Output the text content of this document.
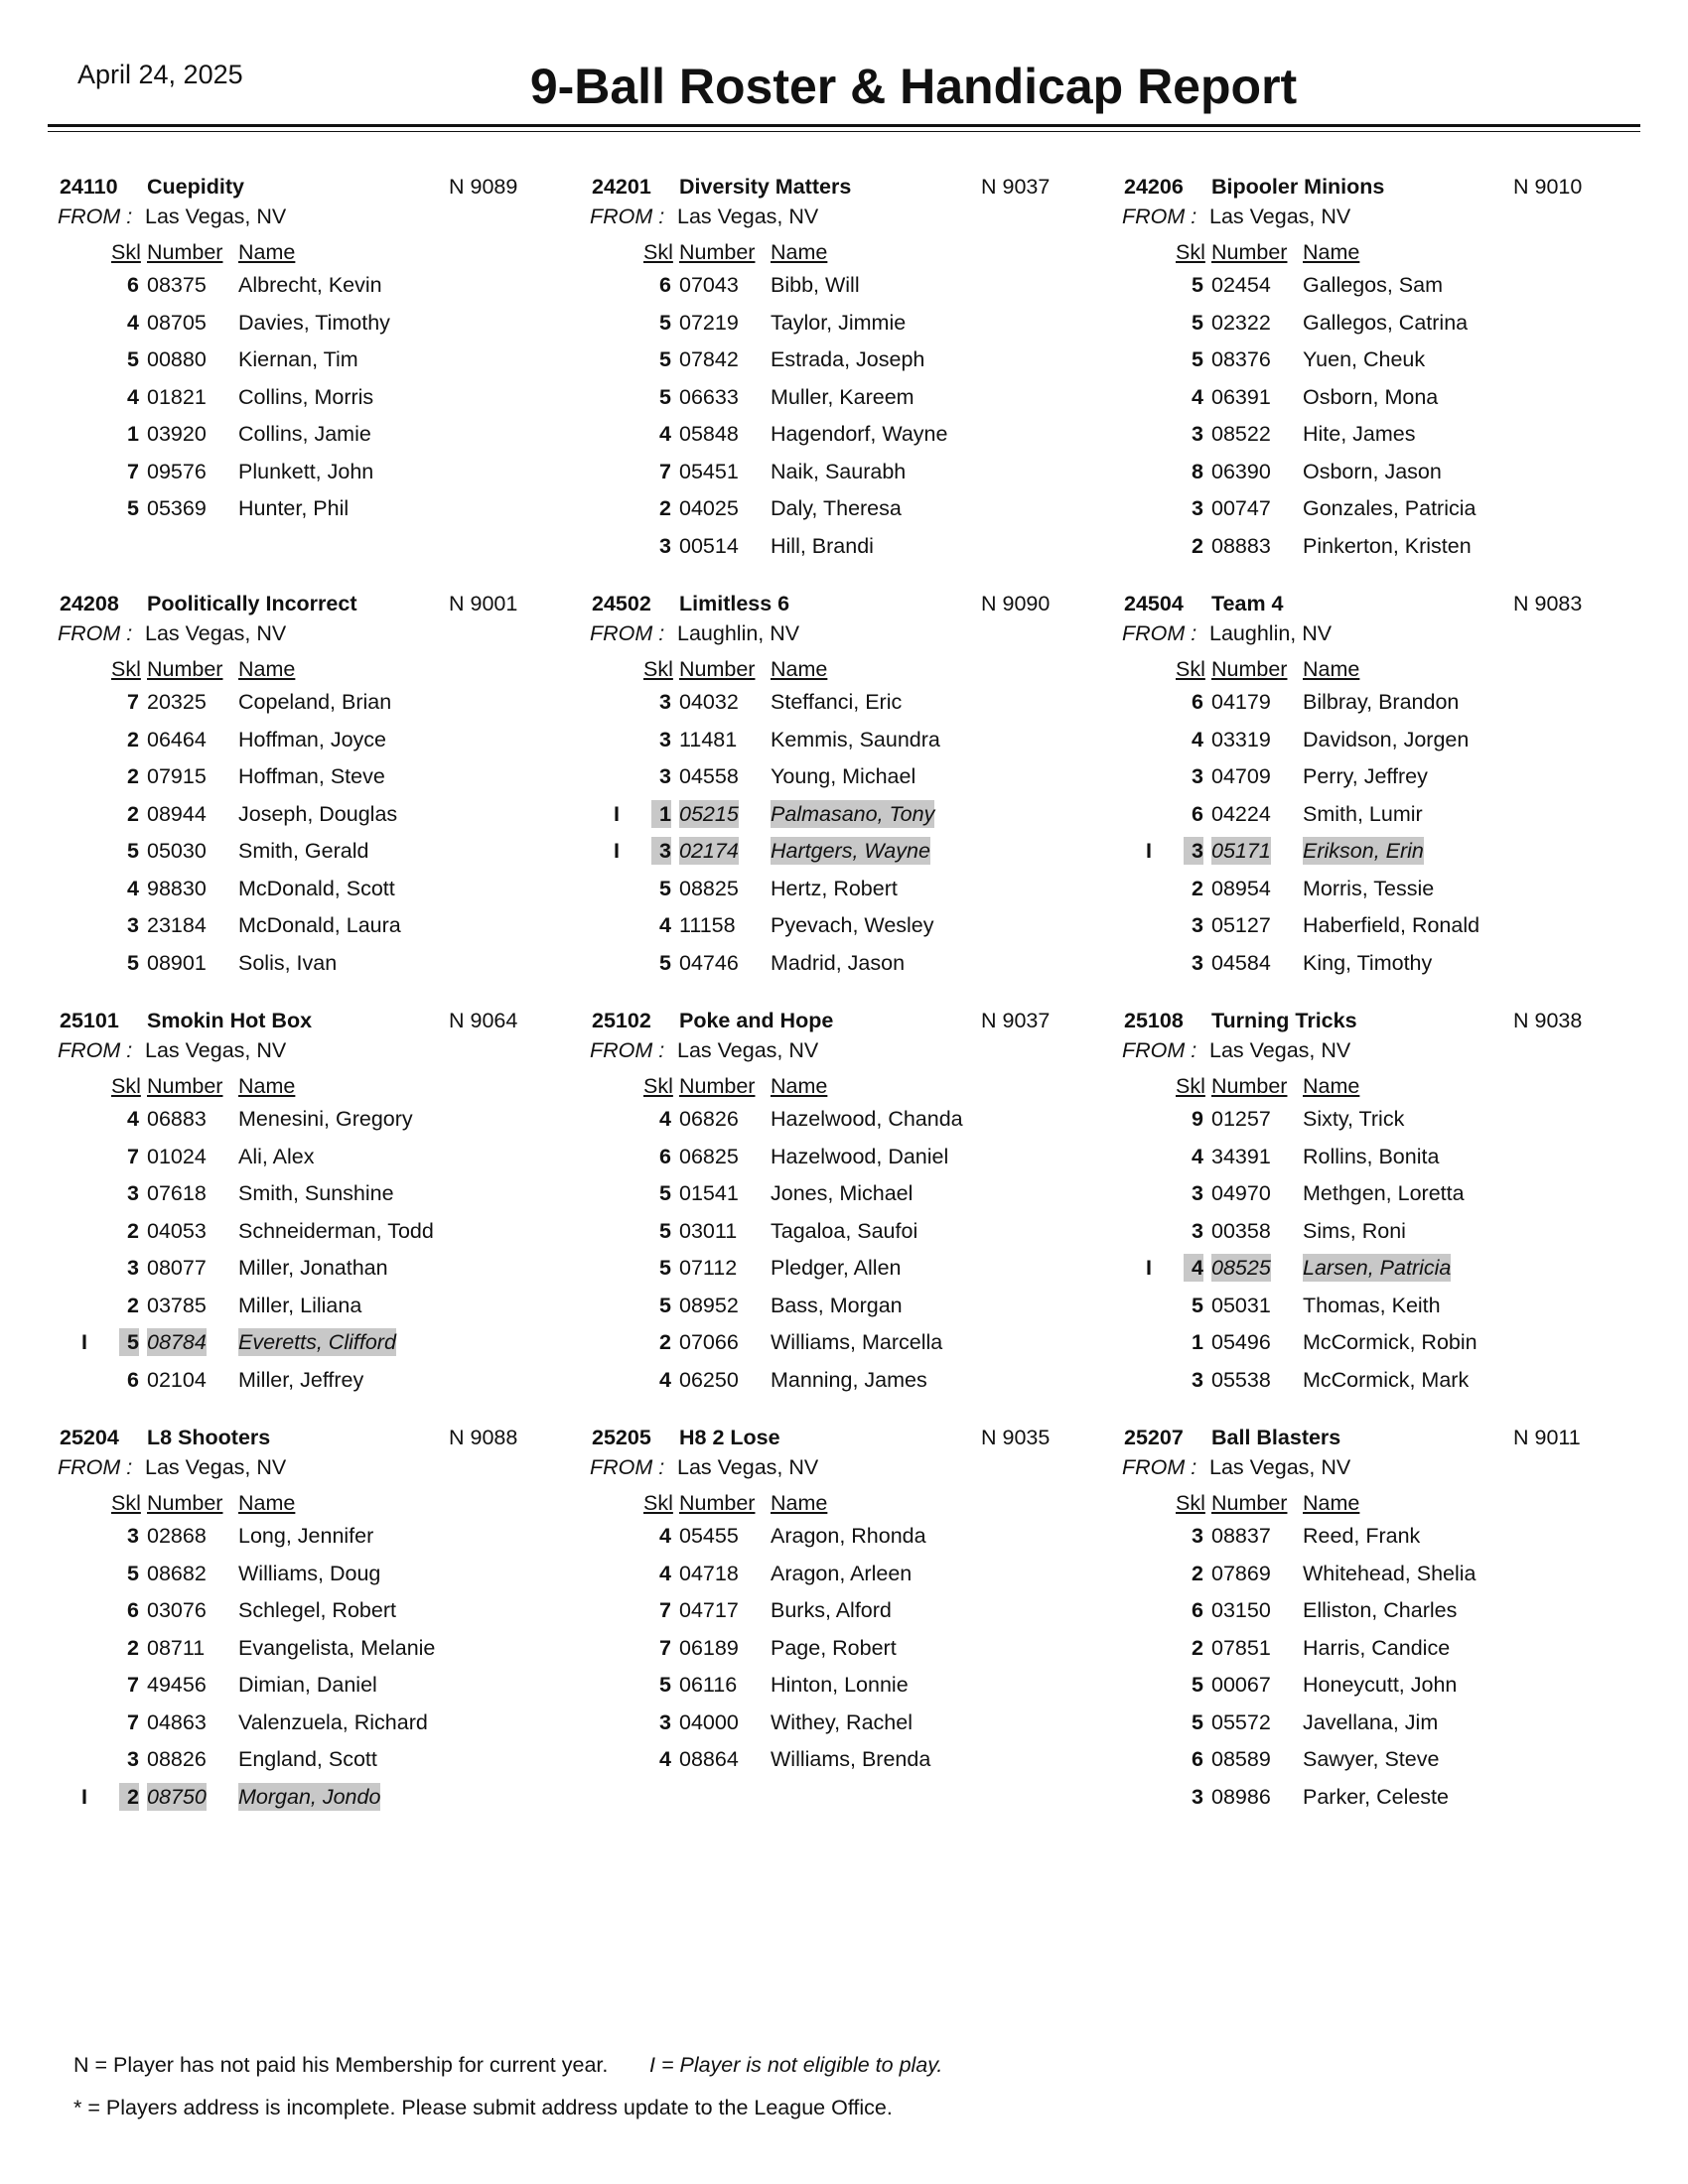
April 24, 2025	9-Ball Roster & Handicap Report
24110 Cuepidity	N 9089
FROM : Las Vegas, NV
Skl Number Name
6 08375 Albrecht, Kevin
4 08705 Davies, Timothy
5 00880 Kiernan, Tim
4 01821 Collins, Morris
1 03920 Collins, Jamie
7 09576 Plunkett, John
5 05369 Hunter, Phil
24201 Diversity Matters	N 9037
FROM : Las Vegas, NV
Skl Number Name
6 07043 Bibb, Will
5 07219 Taylor, Jimmie
5 07842 Estrada, Joseph
5 06633 Muller, Kareem
4 05848 Hagendorf, Wayne
7 05451 Naik, Saurabh
2 04025 Daly, Theresa
3 00514 Hill, Brandi
24206 Bipooler Minions	N 9010
FROM : Las Vegas, NV
Skl Number Name
5 02454 Gallegos, Sam
5 02322 Gallegos, Catrina
5 08376 Yuen, Cheuk
4 06391 Osborn, Mona
3 08522 Hite, James
8 06390 Osborn, Jason
3 00747 Gonzales, Patricia
2 08883 Pinkerton, Kristen
24208 Poolitically Incorrect	N 9001
FROM : Las Vegas, NV
Skl Number Name
7 20325 Copeland, Brian
2 06464 Hoffman, Joyce
2 07915 Hoffman, Steve
2 08944 Joseph, Douglas
5 05030 Smith, Gerald
4 98830 McDonald, Scott
3 23184 McDonald, Laura
5 08901 Solis, Ivan
24502 Limitless 6	N 9090
FROM : Laughlin, NV
Skl Number Name
3 04032 Steffanci, Eric
3 11481 Kemmis, Saundra
3 04558 Young, Michael
I	1 05215 Palmasano, Tony
I	3 02174 Hartgers, Wayne
5 08825 Hertz, Robert
4 11158 Pyevach, Wesley
5 04746 Madrid, Jason
24504 Team 4	N 9083
FROM : Laughlin, NV
Skl Number Name
6 04179 Bilbray, Brandon
4 03319 Davidson, Jorgen
3 04709 Perry, Jeffrey
6 04224 Smith, Lumir
I	3 05171 Erikson, Erin
2 08954 Morris, Tessie
3 05127 Haberfield, Ronald
3 04584 King, Timothy
25101 Smokin Hot Box	N 9064
FROM : Las Vegas, NV
Skl Number Name
4 06883 Menesini, Gregory
7 01024 Ali, Alex
3 07618 Smith, Sunshine
2 04053 Schneiderman, Todd
3 08077 Miller, Jonathan
2 03785 Miller, Liliana
I	5 08784 Everetts, Clifford
6 02104 Miller, Jeffrey
25102 Poke and Hope	N 9037
FROM : Las Vegas, NV
Skl Number Name
4 06826 Hazelwood, Chanda
6 06825 Hazelwood, Daniel
5 01541 Jones, Michael
5 03011 Tagaloa, Saufoi
5 07112 Pledger, Allen
5 08952 Bass, Morgan
2 07066 Williams, Marcella
4 06250 Manning, James
25108 Turning Tricks	N 9038
FROM : Las Vegas, NV
Skl Number Name
9 01257 Sixty, Trick
4 34391 Rollins, Bonita
3 04970 Methgen, Loretta
3 00358 Sims, Roni
I	4 08525 Larsen, Patricia
5 05031 Thomas, Keith
1 05496 McCormick, Robin
3 05538 McCormick, Mark
25204 L8 Shooters	N 9088
FROM : Las Vegas, NV
Skl Number Name
3 02868 Long, Jennifer
5 08682 Williams, Doug
6 03076 Schlegel, Robert
2 08711 Evangelista, Melanie
7 49456 Dimian, Daniel
7 04863 Valenzuela, Richard
3 08826 England, Scott
I	2 08750 Morgan, Jondo
25205 H8 2 Lose	N 9035
FROM : Las Vegas, NV
Skl Number Name
4 05455 Aragon, Rhonda
4 04718 Aragon, Arleen
7 04717 Burks, Alford
7 06189 Page, Robert
5 06116 Hinton, Lonnie
3 04000 Withey, Rachel
4 08864 Williams, Brenda
25207 Ball Blasters	N 9011
FROM : Las Vegas, NV
Skl Number Name
3 08837 Reed, Frank
2 07869 Whitehead, Shelia
6 03150 Elliston, Charles
2 07851 Harris, Candice
5 00067 Honeycutt, John
5 05572 Javellana, Jim
6 08589 Sawyer, Steve
3 08986 Parker, Celeste
N = Player has not paid his Membership for current year. I = Player is not eligible to play.
* = Players address is incomplete. Please submit address update to the League Office.
